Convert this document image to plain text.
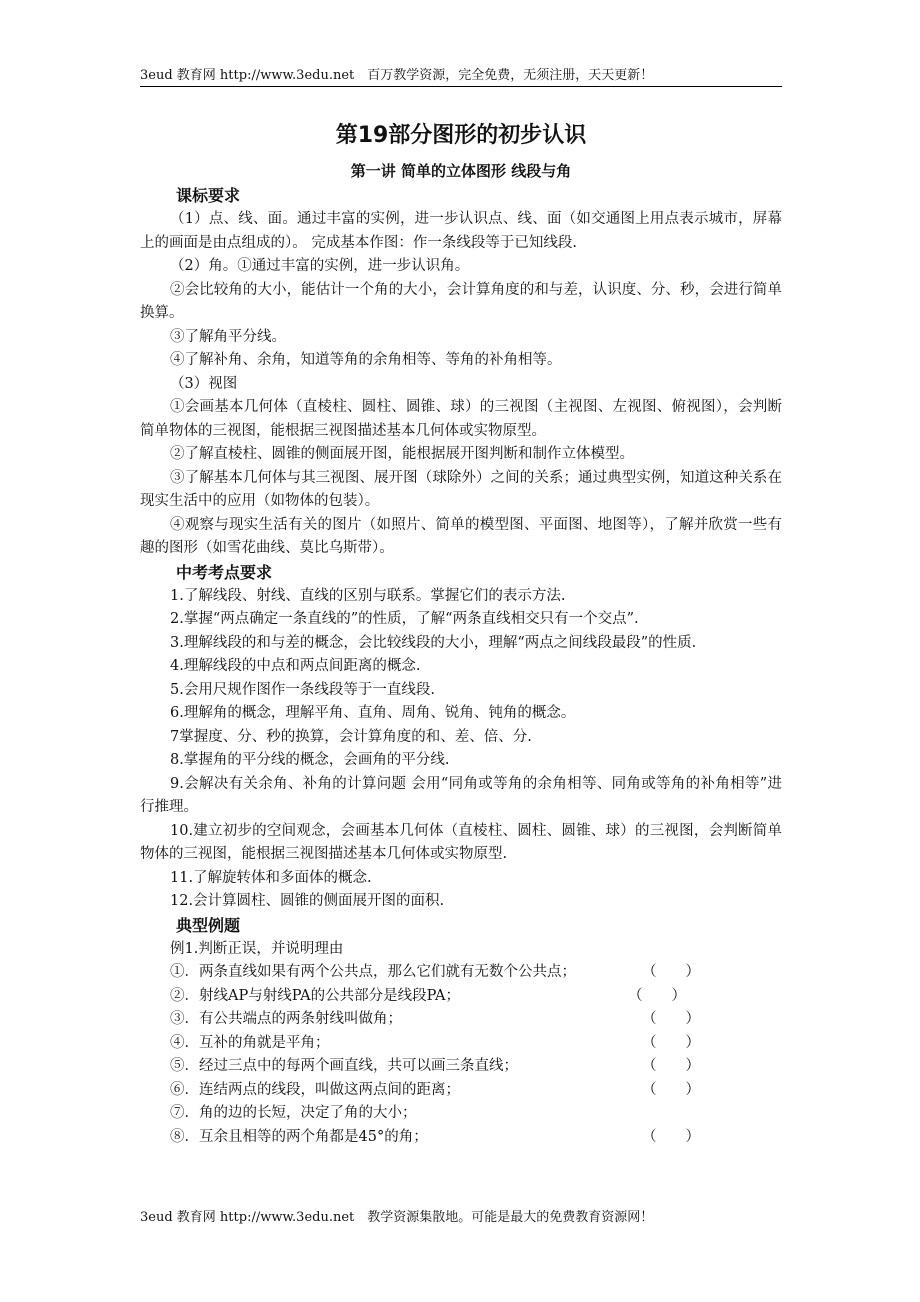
3eud 教育网 http://www.3edu.net　百万教学资源，完全免费，无须注册，天天更新！
第19部分图形的初步认识
第一讲 简单的立体图形 线段与角
课标要求
（1）点、线、面。通过丰富的实例，进一步认识点、线、面（如交通图上用点表示城市，屏幕上的画面是由点组成的）。 完成基本作图：作一条线段等于已知线段.
（2）角。①通过丰富的实例，进一步认识角。
②会比较角的大小，能估计一个角的大小，会计算角度的和与差，认识度、分、秒，会进行简单换算。
③了解角平分线。
④了解补角、余角，知道等角的余角相等、等角的补角相等。
（3）视图
①会画基本几何体（直棱柱、圆柱、圆锥、球）的三视图（主视图、左视图、俯视图），会判断简单物体的三视图，能根据三视图描述基本几何体或实物原型。
②了解直棱柱、圆锥的侧面展开图，能根据展开图判断和制作立体模型。
③了解基本几何体与其三视图、展开图（球除外）之间的关系；通过典型实例，知道这种关系在现实生活中的应用（如物体的包装）。
④观察与现实生活有关的图片（如照片、简单的模型图、平面图、地图等），了解并欣赏一些有趣的图形（如雪花曲线、莫比乌斯带）。
中考考点要求
1.了解线段、射线、直线的区别与联系。掌握它们的表示方法.
2.掌握“两点确定一条直线的”的性质，了解“两条直线相交只有一个交点”.
3.理解线段的和与差的概念，会比较线段的大小，理解“两点之间线段最段”的性质.
4.理解线段的中点和两点间距离的概念.
5.会用尺规作图作一条线段等于一直线段.
6.理解角的概念，理解平角、直角、周角、锐角、钝角的概念。
7掌握度、分、秒的换算，会计算角度的和、差、倍、分.
8.掌握角的平分线的概念，会画角的平分线.
9.会解决有关余角、补角的计算问题 会用“同角或等角的余角相等、同角或等角的补角相等”进行推理。
10.建立初步的空间观念，会画基本几何体（直棱柱、圆柱、圆锥、球）的三视图，会判断简单物体的三视图，能根据三视图描述基本几何体或实物原型.
11.了解旋转体和多面体的概念.
12.会计算圆柱、圆锥的侧面展开图的面积.
典型例题
例1.判断正误，并说明理由
①．两条直线如果有两个公共点，那么它们就有无数个公共点；	（　　）
②．射线AP与射线PA的公共部分是线段PA；	（　　）
③．有公共端点的两条射线叫做角；	（　　）
④．互补的角就是平角；	（　　）
⑤．经过三点中的每两个画直线，共可以画三条直线；	（　　）
⑥．连结两点的线段，叫做这两点间的距离；	（　　）
⑦．角的边的长短，决定了角的大小；
⑧．互余且相等的两个角都是45°的角；	（　　）
3eud 教育网 http://www.3edu.net　教学资源集散地。可能是最大的免费教育资源网！
